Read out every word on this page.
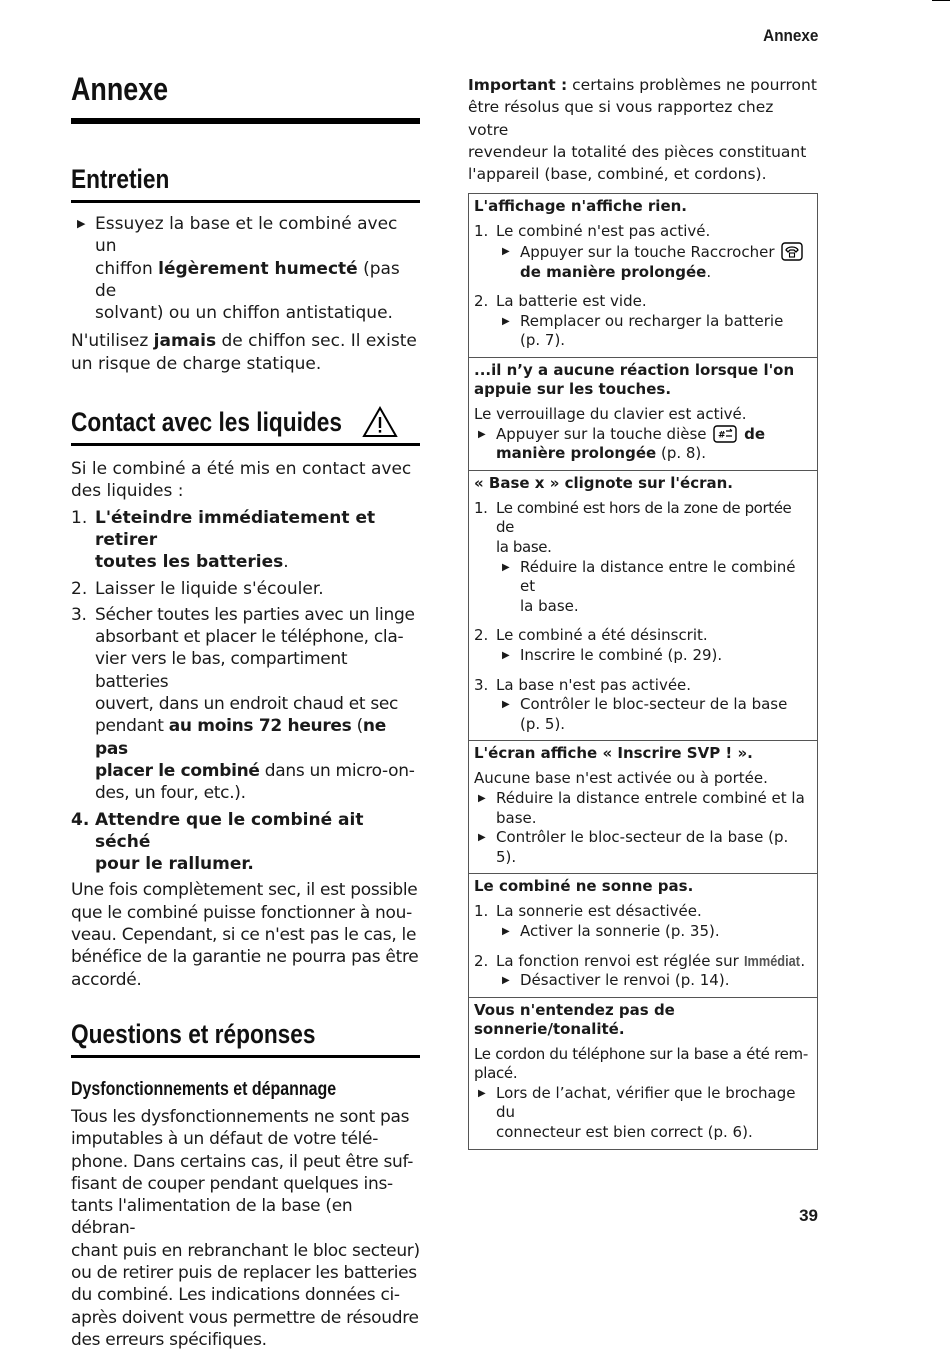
Annexe
Annexe
Entretien
▶ Essuyez la base et le combiné avec un
chiffon légèrement humecté (pas de
solvant) ou un chiffon antistatique.

N'utilisez jamais de chiffon sec. Il existe
un risque de charge statique.

Contact avec les liquides

Si le combiné a été mis en contact avec
des liquides :

1. L'éteindre immédiatement et retirer
toutes les batteries.
2. Laisser le liquide s'écouler.
3. Sécher toutes les parties avec un linge
absorbant et placer le téléphone, cla-
vier vers le bas, compartiment batteries
ouvert, dans un endroit chaud et sec
pendant au moins 72 heures (ne pas
placer le combiné dans un micro-on-
des, un four, etc.).
4. Attendre que le combiné ait séché
pour le rallumer.

Une fois complètement sec, il est possible
que le combiné puisse fonctionner à nou-
veau. Cependant, si ce n'est pas le cas, le
bénéfice de la garantie ne pourra pas être
accordé.

Questions et réponses
Dysfonctionnements et dépannage

Tous les dysfonctionnements ne sont pas
imputables à un défaut de votre télé-
phone. Dans certains cas, il peut être suf-
fisant de couper pendant quelques ins-
tants l'alimentation de la base (en débran-
chant puis en rebranchant le bloc secteur)
ou de retirer puis de replacer les batteries
du combiné. Les indications données ci-
après doivent vous permettre de résoudre
des erreurs spécifiques.

Important : certains problèmes ne pourront
être résolus que si vous rapportez chez votre
revendeur la totalité des pièces constituant
l'appareil (base, combiné, et cordons).

L'affichage n'affiche rien.

1. Le combiné n'est pas activé.
▶ Appuyer sur la touche Raccrocher
de manière prolongée.
2. La batterie est vide.
▶ Remplacer ou recharger la batterie
(p. 7).

...il n’y a aucune réaction lorsque l'on
appuie sur les touches.

Le verrouillage du clavier est activé.

▶ Appuyer sur la touche dièse # de
manière prolongée (p. 8).

« Base x » clignote sur l'écran.

1. Le combiné est hors de la zone de portée de
la base.
▶ Réduire la distance entre le combiné et
la base.
2. Le combiné a été désinscrit.
▶ Inscrire le combiné (p. 29).
3. La base n'est pas activée.
▶ Contrôler le bloc-secteur de la base
(p. 5).

L'écran affiche « Inscrire SVP ! ».

Aucune base n'est activée ou à portée.

▶ Réduire la distance entrele combiné et la
base.
▶ Contrôler le bloc-secteur de la base (p. 5).

Le combiné ne sonne pas.

1. La sonnerie est désactivée.
▶ Activer la sonnerie (p. 35).
2. La fonction renvoi est réglée sur Immédiat.
▶ Désactiver le renvoi (p. 14).

Vous n'entendez pas de sonnerie/tonalité.

Le cordon du téléphone sur la base a été rem-
placé.

▶ Lors de l’achat, vérifier que le brochage du
connecteur est bien correct (p. 6).
39
